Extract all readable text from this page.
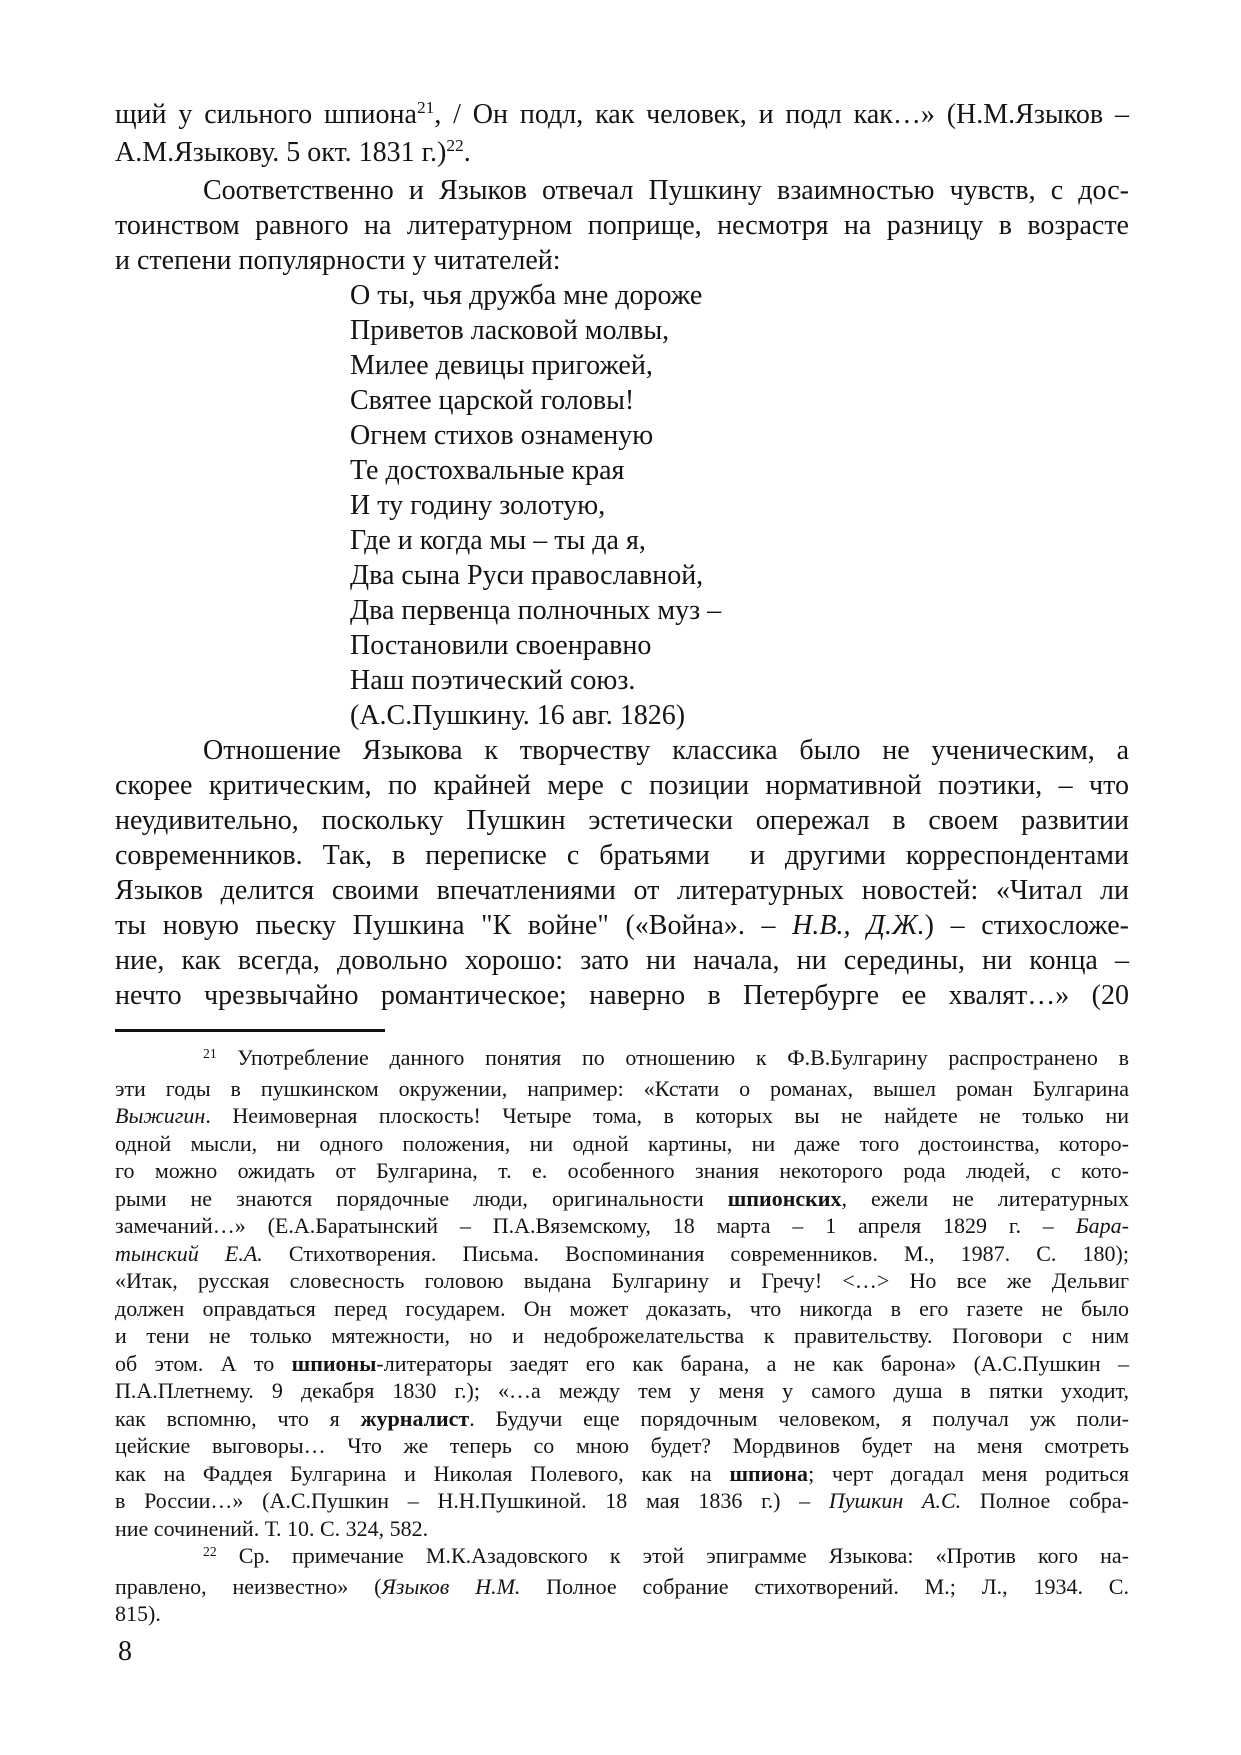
щий у сильного шпиона$^{21}$, / Он подл, как человек, и подл как…» (Н.М.Языков –
А.М.Языкову. 5 окт. 1831 г.)$^{22}$.
Соответственно и Языков отвечал Пушкину взаимностью чувств, с дос-
тоинством равного на литературном поприще, несмотря на разницу в возрасте
и степени популярности у читателей:
О ты, чья дружба мне дороже
Приветов ласковой молвы,
Милее девицы пригожей,
Святее царской головы!
Огнем стихов ознаменую
Те достохвальные края
И ту годину золотую,
Где и когда мы – ты да я,
Два сына Руси православной,
Два первенца полночных муз –
Постановили своенравно
Наш поэтический союз.
(А.С.Пушкину. 16 авг. 1826)
Отношение Языкова к творчеству классика было не ученическим, а
скорее критическим, по крайней мере с позиции нормативной поэтики, – что
неудивительно, поскольку Пушкин эстетически опережал в своем развитии
современников. Так, в переписке с братьями  и другими корреспондентами
Языков делится своими впечатлениями от литературных новостей: «Читал ли
ты новую пьеску Пушкина "К войне" («Война». – Н.В., Д.Ж.) – стихосложе-
ние, как всегда, довольно хорошо: зато ни начала, ни середины, ни конца –
нечто чрезвычайно романтическое; наверно в Петербурге ее хвалят…» (20
$^{21}$ Употребление данного понятия по отношению к Ф.В.Булгарину распространено в
эти годы в пушкинском окружении, например: «Кстати о романах, вышел роман Булгарина
Выжигин. Неимоверная плоскость! Четыре тома, в которых вы не найдете не только ни
одной мысли, ни одного положения, ни одной картины, ни даже того достоинства, которо-
го можно ожидать от Булгарина, т. е. особенного знания некоторого рода людей, с кото-
рыми не знаются порядочные люди, оригинальности шпионских, ежели не литературных
замечаний…» (Е.А.Баратынский – П.А.Вяземскому, 18 марта – 1 апреля 1829 г. – Бара-
тынский Е.А. Стихотворения. Письма. Воспоминания современников. М., 1987. С. 180);
«Итак, русская словесность головою выдана Булгарину и Гречу! <…> Но все же Дельвиг
должен оправдаться перед государем. Он может доказать, что никогда в его газете не было
и тени не только мятежности, но и недоброжелательства к правительству. Поговори с ним
об этом. А то шпионы-литераторы заедят его как барана, а не как барона» (А.С.Пушкин –
П.А.Плетнему. 9 декабря 1830 г.); «…а между тем у меня у самого душа в пятки уходит,
как вспомню, что я журналист. Будучи еще порядочным человеком, я получал уж поли-
цейские выговоры… Что же теперь со мною будет? Мордвинов будет на меня смотреть
как на Фаддея Булгарина и Николая Полевого, как на шпиона; черт догадал меня родиться
в России…» (А.С.Пушкин – Н.Н.Пушкиной. 18 мая 1836 г.) – Пушкин А.С. Полное собра-
ние сочинений. Т. 10. С. 324, 582.
$^{22}$ Ср. примечание М.К.Азадовского к этой эпиграмме Языкова: «Против кого на-
правлено, неизвестно» (Языков Н.М. Полное собрание стихотворений. М.; Л., 1934. С.
815).
8
